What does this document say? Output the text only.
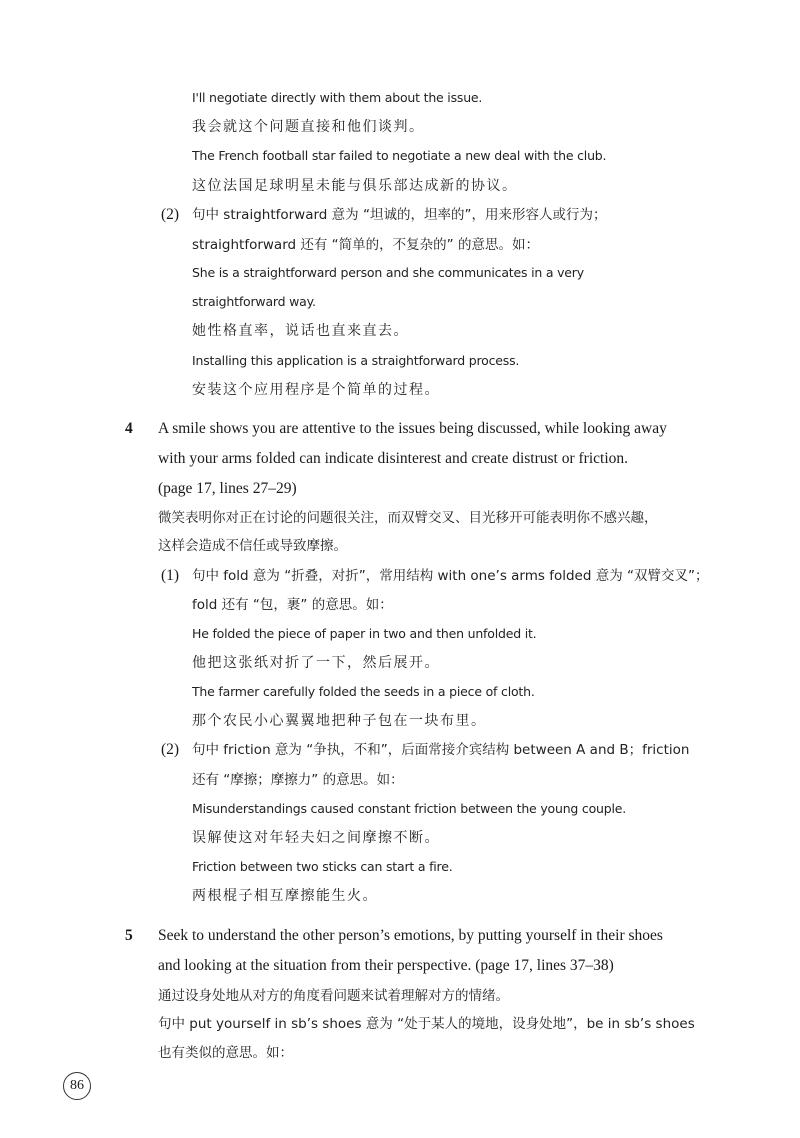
I'll negotiate directly with them about the issue.
我会就这个问题直接和他们谈判。
The French football star failed to negotiate a new deal with the club.
这位法国足球明星未能与俱乐部达成新的协议。
(2) 句中 straightforward 意为 “坦诚的，坦率的”，用来形容人或行为；
straightforward 还有 “简单的，不复杂的” 的意思。如：
She is a straightforward person and she communicates in a very
straightforward way.
她性格直率，说话也直来直去。
Installing this application is a straightforward process.
安装这个应用程序是个简单的过程。
4 A smile shows you are attentive to the issues being discussed, while looking away
with your arms folded can indicate disinterest and create distrust or friction.
(page 17, lines 27–29)
微笑表明你对正在讨论的问题很关注，而双臂交叉、目光移开可能表明你不感兴趣，
这样会造成不信任或导致摩擦。
(1) 句中 fold 意为 “折叠，对折”，常用结构 with one’s arms folded 意为 “双臂交叉”；
fold 还有 “包，裹” 的意思。如：
He folded the piece of paper in two and then unfolded it.
他把这张纸对折了一下，然后展开。
The farmer carefully folded the seeds in a piece of cloth.
那个农民小心翼翼地把种子包在一块布里。
(2) 句中 friction 意为 “争执，不和”，后面常接介宾结构 between A and B；friction
还有 “摩擦；摩擦力” 的意思。如：
Misunderstandings caused constant friction between the young couple.
误解使这对年轻夫妇之间摩擦不断。
Friction between two sticks can start a fire.
两根棍子相互摩擦能生火。
5 Seek to understand the other person’s emotions, by putting yourself in their shoes
and looking at the situation from their perspective. (page 17, lines 37–38)
通过设身处地从对方的角度看问题来试着理解对方的情绪。
句中 put yourself in sb’s shoes 意为 “处于某人的境地，设身处地”，be in sb’s shoes
也有类似的意思。如：
86
